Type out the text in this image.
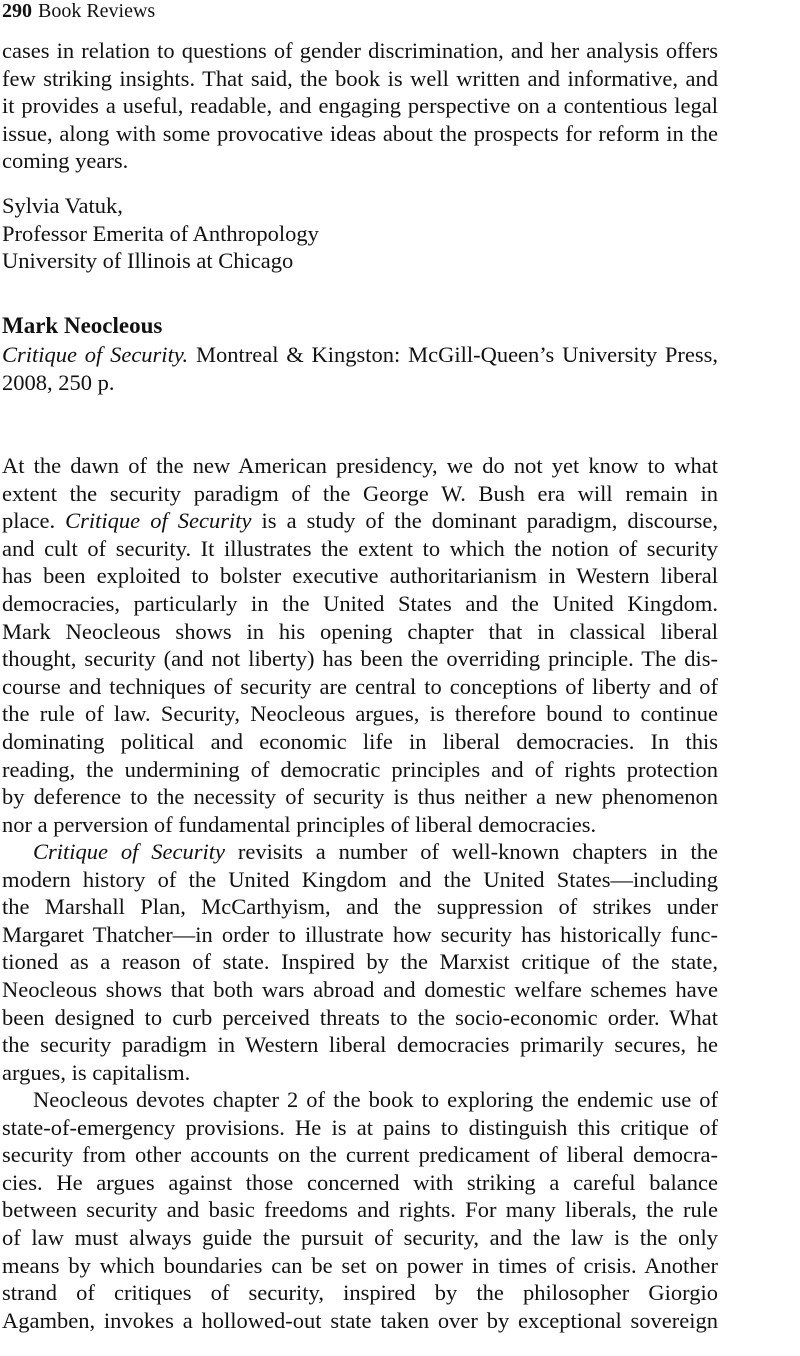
290 Book Reviews
cases in relation to questions of gender discrimination, and her analysis offers
few striking insights. That said, the book is well written and informative, and
it provides a useful, readable, and engaging perspective on a contentious legal
issue, along with some provocative ideas about the prospects for reform in the
coming years.
Sylvia Vatuk,
Professor Emerita of Anthropology
University of Illinois at Chicago
Mark Neocleous
Critique of Security. Montreal & Kingston: McGill-Queen’s University Press,
2008, 250 p.
At the dawn of the new American presidency, we do not yet know to what
extent the security paradigm of the George W. Bush era will remain in
place. Critique of Security is a study of the dominant paradigm, discourse,
and cult of security. It illustrates the extent to which the notion of security
has been exploited to bolster executive authoritarianism in Western liberal
democracies, particularly in the United States and the United Kingdom.
Mark Neocleous shows in his opening chapter that in classical liberal
thought, security (and not liberty) has been the overriding principle. The dis-
course and techniques of security are central to conceptions of liberty and of
the rule of law. Security, Neocleous argues, is therefore bound to continue
dominating political and economic life in liberal democracies. In this
reading, the undermining of democratic principles and of rights protection
by deference to the necessity of security is thus neither a new phenomenon
nor a perversion of fundamental principles of liberal democracies.
Critique of Security revisits a number of well-known chapters in the
modern history of the United Kingdom and the United States—including
the Marshall Plan, McCarthyism, and the suppression of strikes under
Margaret Thatcher—in order to illustrate how security has historically func-
tioned as a reason of state. Inspired by the Marxist critique of the state,
Neocleous shows that both wars abroad and domestic welfare schemes have
been designed to curb perceived threats to the socio-economic order. What
the security paradigm in Western liberal democracies primarily secures, he
argues, is capitalism.
Neocleous devotes chapter 2 of the book to exploring the endemic use of
state-of-emergency provisions. He is at pains to distinguish this critique of
security from other accounts on the current predicament of liberal democra-
cies. He argues against those concerned with striking a careful balance
between security and basic freedoms and rights. For many liberals, the rule
of law must always guide the pursuit of security, and the law is the only
means by which boundaries can be set on power in times of crisis. Another
strand of critiques of security, inspired by the philosopher Giorgio
Agamben, invokes a hollowed-out state taken over by exceptional sovereign
